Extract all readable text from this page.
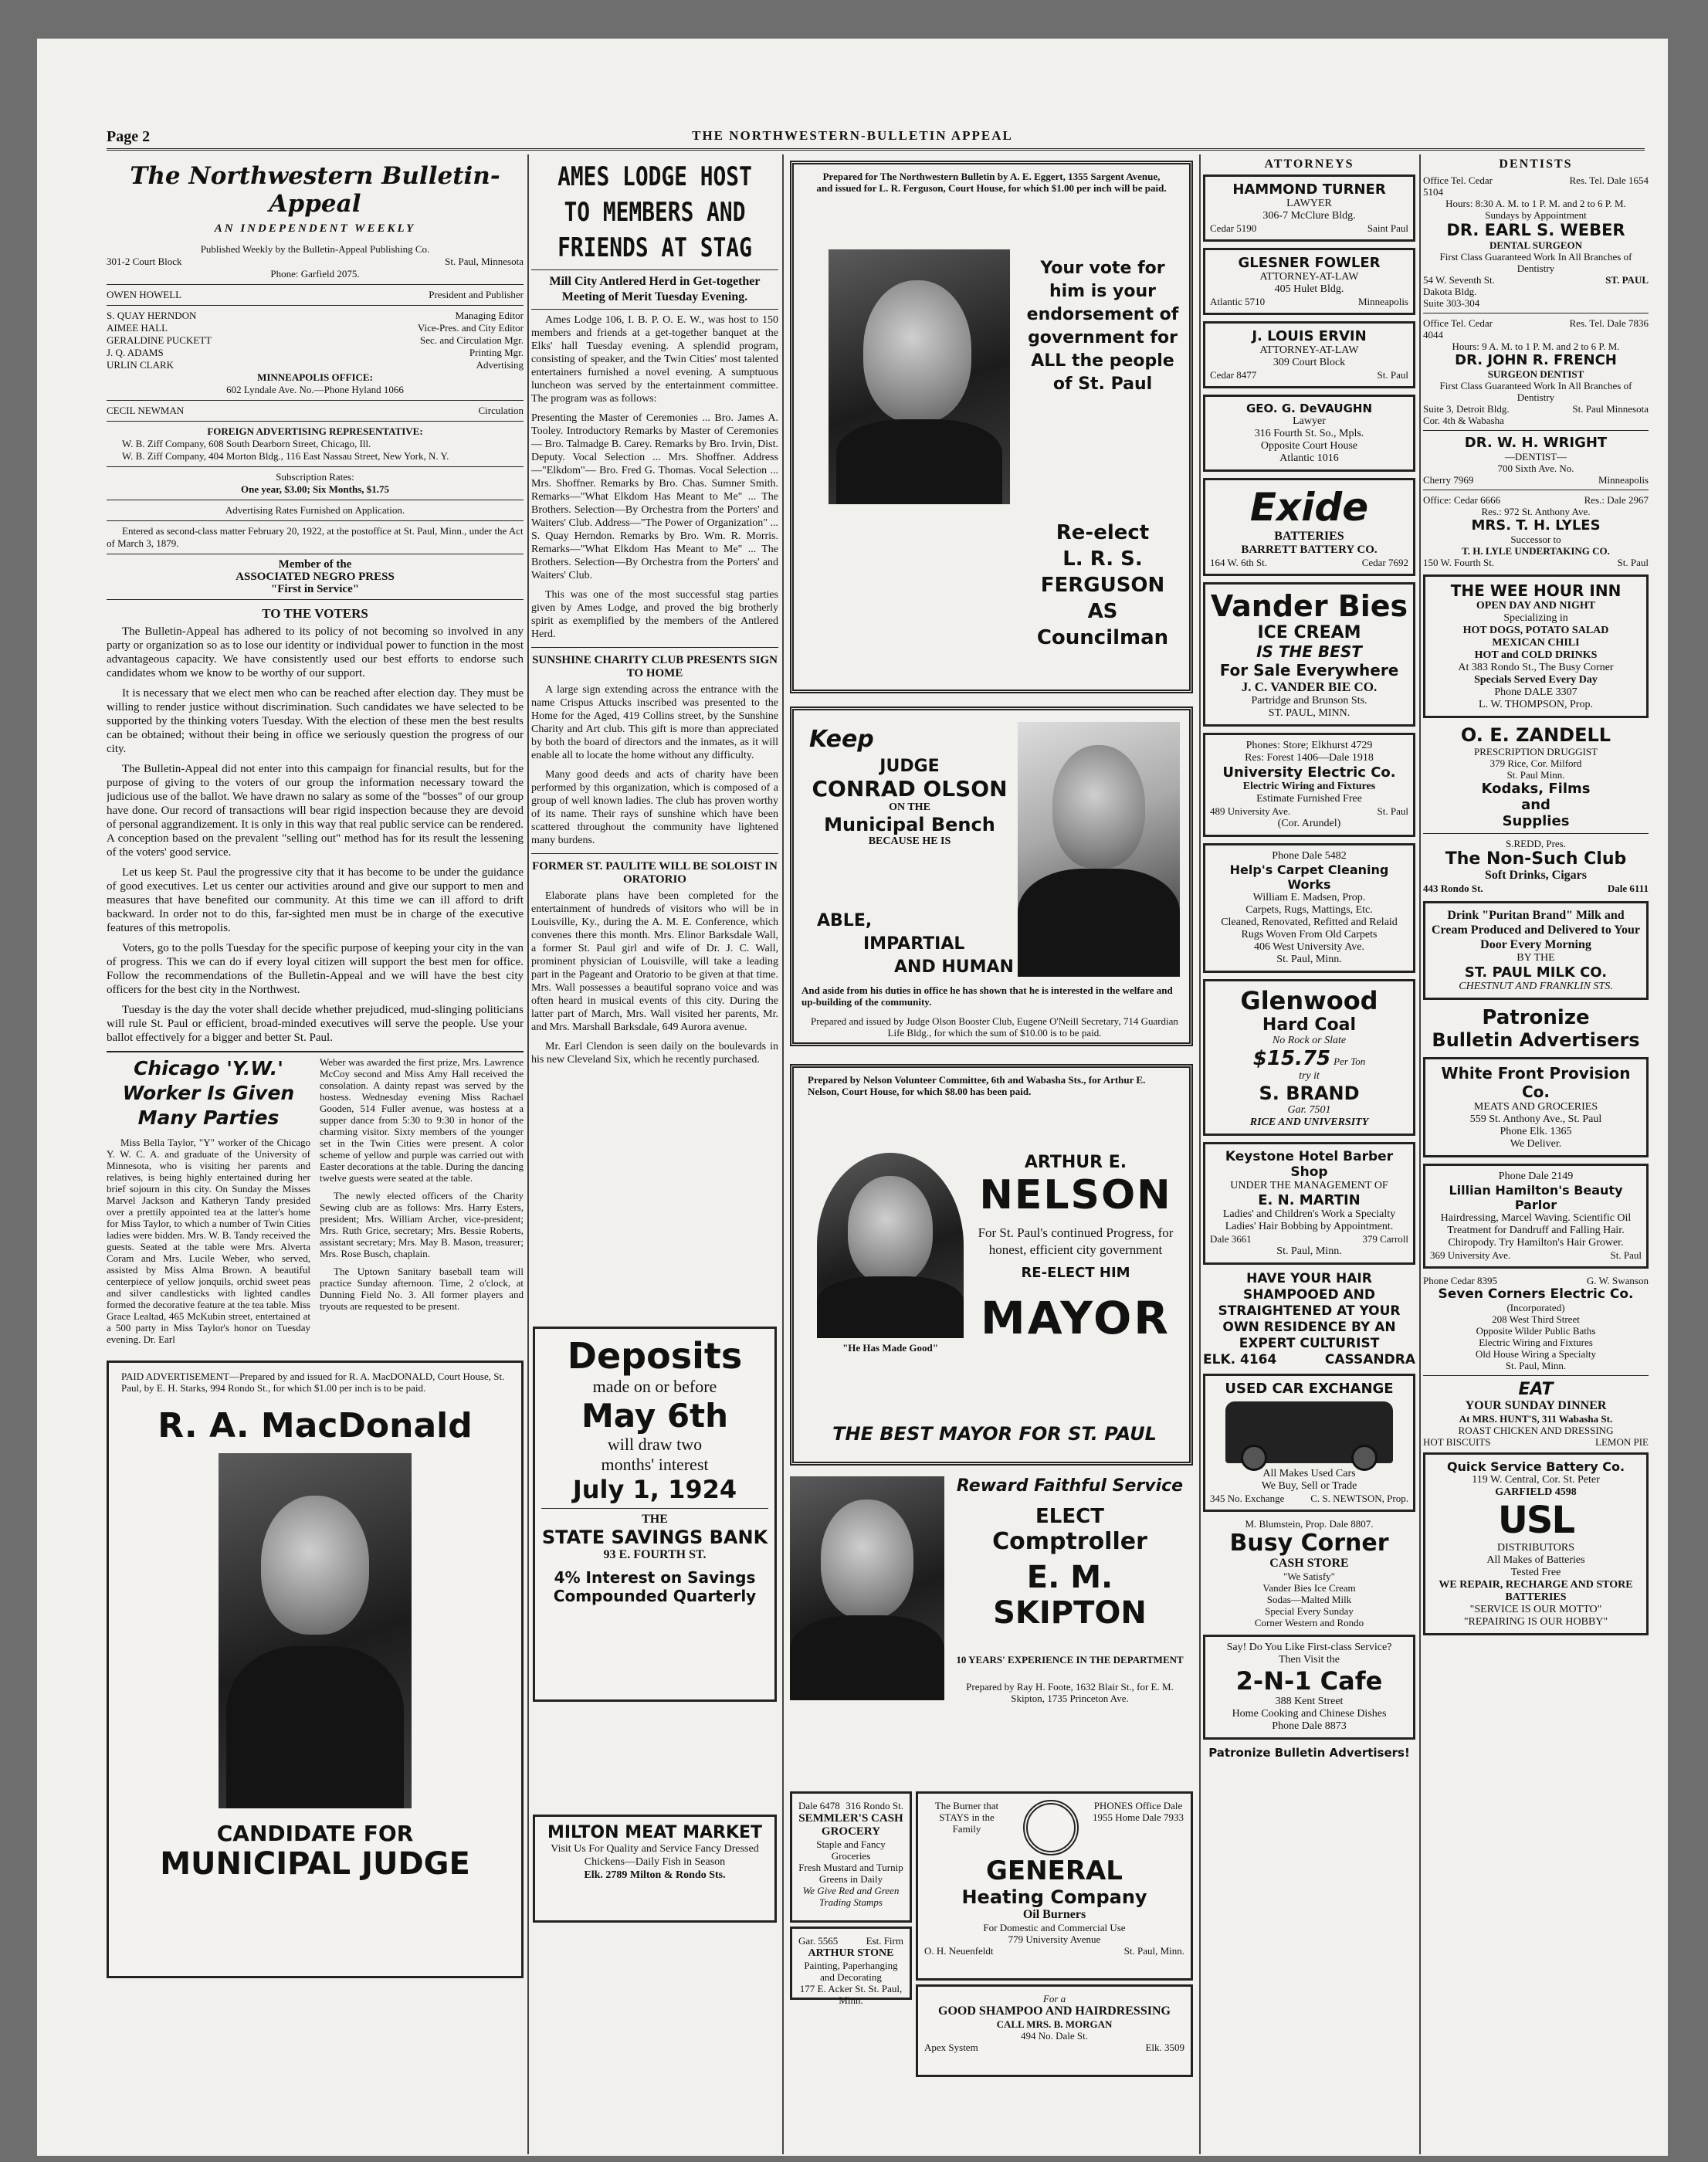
Page 2	THE NORTHWESTERN-BULLETIN APPEAL
The Northwestern Bulletin-Appeal
AN INDEPENDENT WEEKLY
Published Weekly by the Bulletin-Appeal Publishing Co.
301-2 Court Block	St. Paul, Minnesota
Phone: Garfield 2075.
OWEN HOWELL	President and Publisher
S. QUAY HERNDON	Managing Editor
AIMEE HALL	Vice-Pres. and City Editor
GERALDINE PUCKETT	Sec. and Circulation Mgr.
J. Q. ADAMS	Printing Mgr.
URLIN CLARK	Advertising
MINNEAPOLIS OFFICE:
602 Lyndale Ave. No.—Phone Hyland 1066
CECIL NEWMAN	Circulation
FOREIGN ADVERTISING REPRESENTATIVE:
W. B. Ziff Company, 608 South Dearborn Street, Chicago, Ill.
W. B. Ziff Company, 404 Morton Bldg., 116 East Nassau Street, New York, N. Y.
Subscription Rates:
One year, $3.00; Six Months, $1.75
Advertising Rates Furnished on Application.
Entered as second-class matter February 20, 1922, at the postoffice at St. Paul, Minn., under the Act of March 3, 1879.
Member of the
ASSOCIATED NEGRO PRESS
"First in Service"
TO THE VOTERS

The Bulletin-Appeal has adhered to its policy of not becoming so involved in any party or organization so as to lose our identity or individual power to function in the most advantageous capacity. We have consistently used our best efforts to endorse such candidates whom we know to be worthy of our support.

It is necessary that we elect men who can be reached after election day. They must be willing to render justice without discrimination. Such candidates we have selected to be supported by the thinking voters Tuesday. With the election of these men the best results can be obtained; without their being in office we seriously question the progress of our city.

The Bulletin-Appeal did not enter into this campaign for financial results, but for the purpose of giving to the voters of our group the information necessary toward the judicious use of the ballot. We have drawn no salary as some of the "bosses" of our group have done. Our record of transactions will bear rigid inspection because they are devoid of personal aggrandizement. It is only in this way that real public service can be rendered. A conception based on the prevalent "selling out" method has for its result the lessening of the voters' good service.

Let us keep St. Paul the progressive city that it has become to be under the guidance of good executives. Let us center our activities around and give our support to men and measures that have benefited our community. At this time we can ill afford to drift backward. In order not to do this, far-sighted men must be in charge of the executive features of this metropolis.

Voters, go to the polls Tuesday for the specific purpose of keeping your city in the van of progress. This we can do if every loyal citizen will support the best men for office. Follow the recommendations of the Bulletin-Appeal and we will have the best city officers for the best city in the Northwest.

Tuesday is the day the voter shall decide whether prejudiced, mud-slinging politicians will rule St. Paul or efficient, broad-minded executives will serve the people. Use your ballot effectively for a bigger and better St. Paul.

Chicago 'Y.W.' Worker Is Given Many Parties

Miss Bella Taylor, "Y" worker of the Chicago Y. W. C. A. and graduate of the University of Minnesota, who is visiting her parents and relatives, is being highly entertained during her brief sojourn in this city. On Sunday the Misses Marvel Jackson and Katheryn Tandy presided over a prettily appointed tea at the latter's home for Miss Taylor, to which a number of Twin Cities ladies were bidden. Mrs. W. B. Tandy received the guests. Seated at the table were Mrs. Alverta Coram and Mrs. Lucile Weber, who served, assisted by Miss Alma Brown. A beautiful centerpiece of yellow jonquils, orchid sweet peas and silver candlesticks with lighted candles formed the decorative feature at the tea table. Miss Grace Lealtad, 465 McKubin street, entertained at a 500 party in Miss Taylor's honor on Tuesday evening. Dr. Earl

Weber was awarded the first prize, Mrs. Lawrence McCoy second and Miss Amy Hall received the consolation. A dainty repast was served by the hostess. Wednesday evening Miss Rachael Gooden, 514 Fuller avenue, was hostess at a supper dance from 5:30 to 9:30 in honor of the charming visitor. Sixty members of the younger set in the Twin Cities were present. A color scheme of yellow and purple was carried out with Easter decorations at the table. During the dancing twelve guests were seated at the table.

The newly elected officers of the Charity Sewing club are as follows: Mrs. Harry Esters, president; Mrs. William Archer, vice-president; Mrs. Ruth Grice, secretary; Mrs. Bessie Roberts, assistant secretary; Mrs. May B. Mason, treasurer; Mrs. Rose Busch, chaplain.

The Uptown Sanitary baseball team will practice Sunday afternoon. Time, 2 o'clock, at Dunning Field No. 3. All former players and tryouts are requested to be present.

PAID ADVERTISEMENT—Prepared by and issued for R. A. MacDONALD, Court House, St. Paul, by E. H. Starks, 994 Rondo St., for which $1.00 per inch is to be paid.
R. A. MacDonald
CANDIDATE FOR
MUNICIPAL JUDGE
AMES LODGE HOST TO MEMBERS AND FRIENDS AT STAG
Mill City Antlered Herd in Get-together Meeting of Merit Tuesday Evening.

Ames Lodge 106, I. B. P. O. E. W., was host to 150 members and friends at a get-together banquet at the Elks' hall Tuesday evening. A splendid program, consisting of speaker, and the Twin Cities' most talented entertainers furnished a novel evening. A sumptuous luncheon was served by the entertainment committee. The program was as follows:

Presenting the Master of Ceremonies ... Bro. James A. Tooley. Introductory Remarks by Master of Ceremonies— Bro. Talmadge B. Carey. Remarks by Bro. Irvin, Dist. Deputy. Vocal Selection ... Mrs. Shoffner. Address—"Elkdom"— Bro. Fred G. Thomas. Vocal Selection ... Mrs. Shoffner. Remarks by Bro. Chas. Sumner Smith. Remarks—"What Elkdom Has Meant to Me" ... The Brothers. Selection—By Orchestra from the Porters' and Waiters' Club. Address—"The Power of Organization" ... S. Quay Herndon. Remarks by Bro. Wm. R. Morris. Remarks—"What Elkdom Has Meant to Me" ... The Brothers. Selection—By Orchestra from the Porters' and Waiters' Club.

This was one of the most successful stag parties given by Ames Lodge, and proved the big brotherly spirit as exemplified by the members of the Antlered Herd.

SUNSHINE CHARITY CLUB PRESENTS SIGN TO HOME

A large sign extending across the entrance with the name Crispus Attucks inscribed was presented to the Home for the Aged, 419 Collins street, by the Sunshine Charity and Art club. This gift is more than appreciated by both the board of directors and the inmates, as it will enable all to locate the home without any difficulty.

Many good deeds and acts of charity have been performed by this organization, which is composed of a group of well known ladies. The club has proven worthy of its name. Their rays of sunshine which have been scattered throughout the community have lightened many burdens.

FORMER ST. PAULITE WILL BE SOLOIST IN ORATORIO

Elaborate plans have been completed for the entertainment of hundreds of visitors who will be in Louisville, Ky., during the A. M. E. Conference, which convenes there this month. Mrs. Elinor Barksdale Wall, a former St. Paul girl and wife of Dr. J. C. Wall, prominent physician of Louisville, will take a leading part in the Pageant and Oratorio to be given at that time. Mrs. Wall possesses a beautiful soprano voice and was often heard in musical events of this city. During the latter part of March, Mrs. Wall visited her parents, Mr. and Mrs. Marshall Barksdale, 649 Aurora avenue.

Mr. Earl Clendon is seen daily on the boulevards in his new Cleveland Six, which he recently purchased.

Deposits
made on or before
May 6th
will draw two
months' interest
July 1, 1924
THE
STATE SAVINGS BANK
93 E. FOURTH ST.
4% Interest on Savings
Compounded Quarterly
MILTON MEAT MARKET
Visit Us For Quality and Service Fancy Dressed Chickens—Daily Fish in Season
Elk. 2789 Milton & Rondo Sts.
Prepared for The Northwestern Bulletin by A. E. Eggert, 1355 Sargent Avenue, and issued for L. R. Ferguson, Court House, for which $1.00 per inch will be paid.
Your vote for him is your endorsement of government for ALL the people of St. Paul
Re-elect
L. R. S. FERGUSON
AS
Councilman
Keep
JUDGE
CONRAD OLSON
ON THE
Municipal Bench
BECAUSE HE IS
ABLE,
IMPARTIAL
AND HUMAN
And aside from his duties in office he has shown that he is interested in the welfare and up-building of the community.
Prepared and issued by Judge Olson Booster Club, Eugene O'Neill Secretary, 714 Guardian Life Bldg., for which the sum of $10.00 is to be paid.
Prepared by Nelson Volunteer Committee, 6th and Wabasha Sts., for Arthur E. Nelson, Court House, for which $8.00 has been paid.
"He Has Made Good"
ARTHUR E.
NELSON
For St. Paul's continued Progress, for honest, efficient city government
RE-ELECT HIM
MAYOR
THE BEST MAYOR FOR ST. PAUL
Reward Faithful Service
ELECT
Comptroller
E. M. SKIPTON
10 YEARS' EXPERIENCE IN THE DEPARTMENT
Prepared by Ray H. Foote, 1632 Blair St., for E. M. Skipton, 1735 Princeton Ave.
Dale 6478 316 Rondo St.
SEMMLER'S CASH GROCERY
Staple and Fancy Groceries
Fresh Mustard and Turnip
Greens in Daily
We Give Red and Green Trading Stamps
Gar. 5565	Est. Firm
ARTHUR STONE
Painting, Paperhanging and Decorating
177 E. Acker St. St. Paul, Minn.
The Burner that STAYS in the Family
PHONES Office Dale 1955 Home Dale 7933
GENERAL
Heating Company
Oil Burners
For Domestic and Commercial Use
779 University Avenue
O. H. Neuenfeldt	St. Paul, Minn.
For a
GOOD SHAMPOO AND HAIRDRESSING
CALL MRS. B. MORGAN
494 No. Dale St.
Apex System	Elk. 3509
ATTORNEYS
HAMMOND TURNER
LAWYER
306-7 McClure Bldg.
Cedar 5190	Saint Paul
GLESNER FOWLER
ATTORNEY-AT-LAW
405 Hulet Bldg.
Atlantic 5710	Minneapolis
J. LOUIS ERVIN
ATTORNEY-AT-LAW
309 Court Block
Cedar 8477	St. Paul
GEO. G. DeVAUGHN
Lawyer
316 Fourth St. So., Mpls.
Opposite Court House
Atlantic 1016
Exide
BATTERIES
BARRETT BATTERY CO.
164 W. 6th St.	Cedar 7692
Vander Bies
ICE CREAM
IS THE BEST
For Sale Everywhere
J. C. VANDER BIE CO.
Partridge and Brunson Sts.
ST. PAUL, MINN.
Phones: Store; Elkhurst 4729
Res: Forest 1406—Dale 1918
University Electric Co.
Electric Wiring and Fixtures
Estimate Furnished Free
489 University Ave.	St. Paul
(Cor. Arundel)
Phone Dale 5482
Help's Carpet Cleaning Works
William E. Madsen, Prop.
Carpets, Rugs, Mattings, Etc.
Cleaned, Renovated, Refitted and Relaid
Rugs Woven From Old Carpets
406 West University Ave.
St. Paul, Minn.
Glenwood
Hard Coal
No Rock or Slate
$15.75 Per Ton
try it
S. BRAND
Gar. 7501
RICE AND UNIVERSITY
Keystone Hotel Barber Shop
UNDER THE MANAGEMENT OF
E. N. MARTIN
Ladies' and Children's Work a Specialty
Ladies' Hair Bobbing by Appointment.
Dale 3661	379 Carroll
St. Paul, Minn.
HAVE YOUR HAIR SHAMPOOED AND STRAIGHTENED AT YOUR OWN RESIDENCE BY AN EXPERT CULTURIST
ELK. 4164	CASSANDRA
USED CAR EXCHANGE
All Makes Used Cars
We Buy, Sell or Trade
345 No. Exchange	C. S. NEWTSON, Prop.
M. Blumstein, Prop. Dale 8807.
Busy Corner
CASH STORE
"We Satisfy"
Vander Bies Ice Cream
Sodas—Malted Milk
Special Every Sunday
Corner Western and Rondo
Say! Do You Like First-class Service?
Then Visit the
2-N-1 Cafe
388 Kent Street
Home Cooking and Chinese Dishes
Phone Dale 8873
Patronize Bulletin Advertisers!
DENTISTS
Office Tel. Cedar 5104
Res. Tel. Dale 1654
Hours: 8:30 A. M. to 1 P. M. and 2 to 6 P. M.
Sundays by Appointment
DR. EARL S. WEBER
DENTAL SURGEON
First Class Guaranteed Work In All Branches of Dentistry
54 W. Seventh St.	ST. PAUL
Dakota Bldg.
Suite 303-304
Office Tel. Cedar 4044
Res. Tel. Dale 7836
Hours: 9 A. M. to 1 P. M. and 2 to 6 P. M.
DR. JOHN R. FRENCH
SURGEON DENTIST
First Class Guaranteed Work In All Branches of Dentistry
Suite 3, Detroit Bldg.	St. Paul Minnesota
Cor. 4th & Wabasha
DR. W. H. WRIGHT
—DENTIST—
700 Sixth Ave. No.
Cherry 7969	Minneapolis
Office: Cedar 6666	Res.: Dale 2967
Res.: 972 St. Anthony Ave.
MRS. T. H. LYLES
Successor to
T. H. LYLE UNDERTAKING CO.
150 W. Fourth St.	St. Paul
THE WEE HOUR INN
OPEN DAY AND NIGHT
Specializing in
HOT DOGS, POTATO SALAD
MEXICAN CHILI
HOT and COLD DRINKS
At 383 Rondo St., The Busy Corner
Specials Served Every Day
Phone DALE 3307
L. W. THOMPSON, Prop.
O. E. ZANDELL
PRESCRIPTION DRUGGIST
379 Rice, Cor. Milford
St. Paul Minn.
Kodaks, Films
and
Supplies
S.REDD, Pres.
The Non-Such Club
Soft Drinks, Cigars
443 Rondo St.	Dale 6111
Drink "Puritan Brand" Milk and Cream Produced and Delivered to Your Door Every Morning
BY THE
ST. PAUL MILK CO.
CHESTNUT AND FRANKLIN STS.
Patronize
Bulletin Advertisers
White Front Provision Co.
MEATS AND GROCERIES
559 St. Anthony Ave., St. Paul
Phone Elk. 1365
We Deliver.
Phone Dale 2149
Lillian Hamilton's Beauty Parlor
Hairdressing, Marcel Waving. Scientific Oil Treatment for Dandruff and Falling Hair. Chiropody. Try Hamilton's Hair Grower.
369 University Ave.	St. Paul
Phone Cedar 8395	G. W. Swanson
Seven Corners Electric Co.
(Incorporated)
208 West Third Street
Opposite Wilder Public Baths
Electric Wiring and Fixtures
Old House Wiring a Specialty
St. Paul, Minn.
EAT
YOUR SUNDAY DINNER
At MRS. HUNT'S, 311 Wabasha St.
ROAST CHICKEN AND DRESSING
HOT BISCUITS	LEMON PIE
Quick Service Battery Co.
119 W. Central, Cor. St. Peter
GARFIELD 4598
USL
DISTRIBUTORS
All Makes of Batteries
Tested Free
WE REPAIR, RECHARGE AND STORE BATTERIES
"SERVICE IS OUR MOTTO"
"REPAIRING IS OUR HOBBY"
